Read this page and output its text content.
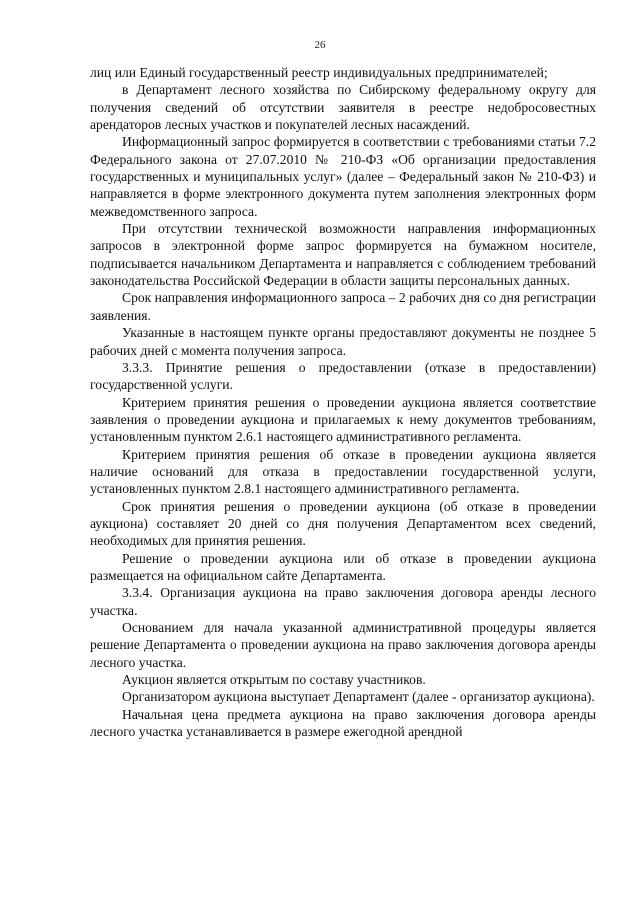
26

лиц или Единый государственный реестр индивидуальных предпринимателей;

в Департамент лесного хозяйства по Сибирскому федеральному округу для получения сведений об отсутствии заявителя в реестре недобросовестных арендаторов лесных участков и покупателей лесных насаждений.

Информационный запрос формируется в соответствии с требованиями статьи 7.2 Федерального закона от 27.07.2010 № 210-ФЗ «Об организации предоставления государственных и муниципальных услуг» (далее – Федеральный закон № 210-ФЗ) и направляется в форме электронного документа путем заполнения электронных форм межведомственного запроса.

При отсутствии технической возможности направления информационных запросов в электронной форме запрос формируется на бумажном носителе, подписывается начальником Департамента и направляется с соблюдением требований законодательства Российской Федерации в области защиты персональных данных.

Срок направления информационного запроса – 2 рабочих дня со дня регистрации заявления.

Указанные в настоящем пункте органы предоставляют документы не позднее 5 рабочих дней с момента получения запроса.

3.3.3. Принятие решения о предоставлении (отказе в предоставлении) государственной услуги.

Критерием принятия решения о проведении аукциона является соответствие заявления о проведении аукциона и прилагаемых к нему документов требованиям, установленным пунктом 2.6.1 настоящего административного регламента.

Критерием принятия решения об отказе в проведении аукциона является наличие оснований для отказа в предоставлении государственной услуги, установленных пунктом 2.8.1 настоящего административного регламента.

Срок принятия решения о проведении аукциона (об отказе в проведении аукциона) составляет 20 дней со дня получения Департаментом всех сведений, необходимых для принятия решения.

Решение о проведении аукциона или об отказе в проведении аукциона размещается на официальном сайте Департамента.

3.3.4. Организация аукциона на право заключения договора аренды лесного участка.

Основанием для начала указанной административной процедуры является решение Департамента о проведении аукциона на право заключения договора аренды лесного участка.

Аукцион является открытым по составу участников.

Организатором аукциона выступает Департамент (далее - организатор аукциона).

Начальная цена предмета аукциона на право заключения договора аренды лесного участка устанавливается в размере ежегодной арендной
